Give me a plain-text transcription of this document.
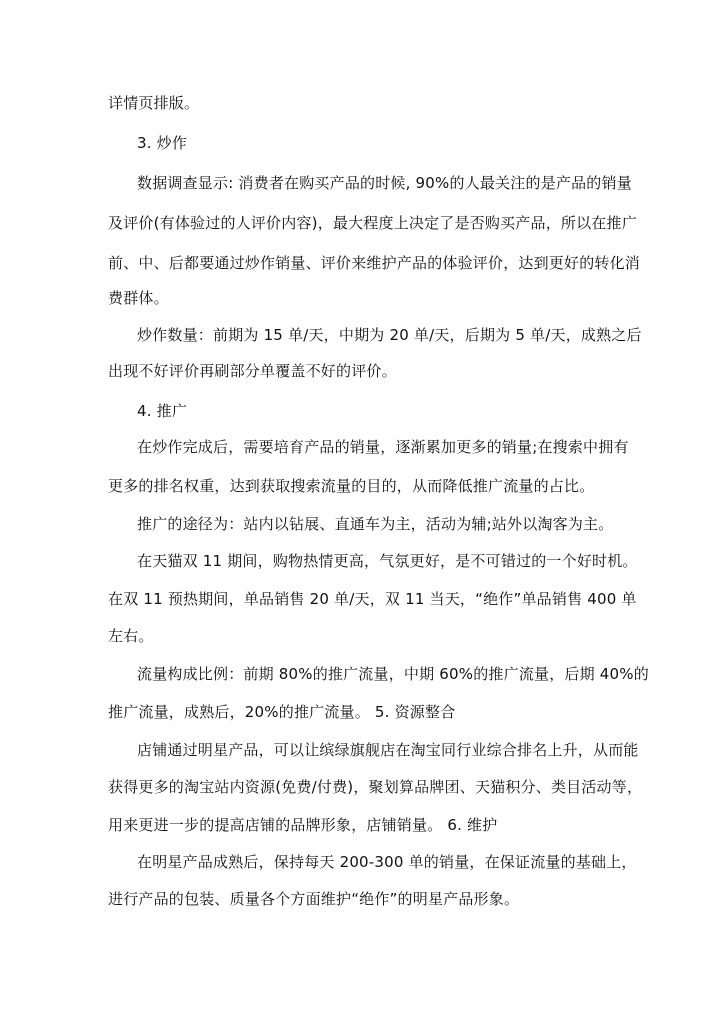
详情页排版。
3. 炒作
数据调查显示: 消费者在购买产品的时候, 90%的人最关注的是产品的销量
及评价(有体验过的人评价内容)，最大程度上决定了是否购买产品，所以在推广
前、中、后都要通过炒作销量、评价来维护产品的体验评价，达到更好的转化消
费群体。
炒作数量：前期为 15 单/天，中期为 20 单/天，后期为 5 单/天，成熟之后
出现不好评价再刷部分单覆盖不好的评价。
4. 推广
在炒作完成后，需要培育产品的销量，逐渐累加更多的销量;在搜索中拥有
更多的排名权重，达到获取搜索流量的目的，从而降低推广流量的占比。
推广的途径为：站内以钻展、直通车为主，活动为辅;站外以淘客为主。
在天猫双 11 期间，购物热情更高，气氛更好，是不可错过的一个好时机。
在双 11 预热期间，单品销售 20 单/天，双 11 当天，“绝作”单品销售 400 单
左右。
流量构成比例：前期 80%的推广流量，中期 60%的推广流量，后期 40%的
推广流量，成熟后，20%的推广流量。 5. 资源整合
店铺通过明星产品，可以让缤绿旗舰店在淘宝同行业综合排名上升，从而能
获得更多的淘宝站内资源(免费/付费)，聚划算品牌团、天猫积分、类目活动等，
用来更进一步的提高店铺的品牌形象，店铺销量。 6. 维护
在明星产品成熟后，保持每天 200-300 单的销量，在保证流量的基础上，
进行产品的包装、质量各个方面维护“绝作”的明星产品形象。
